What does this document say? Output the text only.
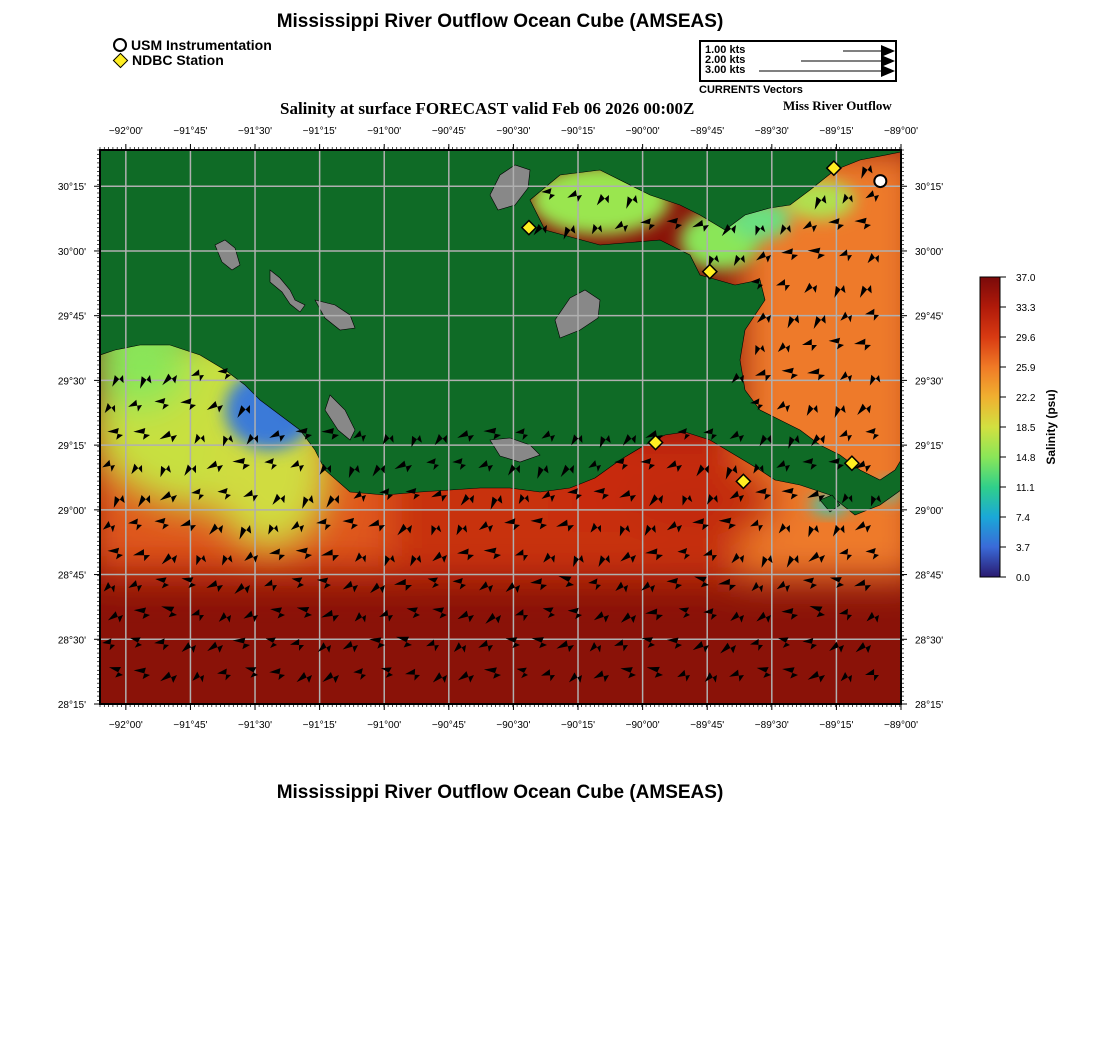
Mississippi River Outflow Ocean Cube (AMSEAS)
USM Instrumentation
NDBC Station
1.00 kts
2.00 kts
3.00 kts
CURRENTS Vectors
Salinity at surface FORECAST valid Feb 06 2026 00:00Z	Miss River Outflow
−92°00'
−92°00'
−91°45'
−91°45'
−91°30'
−91°30'
−91°15'
−91°15'
−91°00'
−91°00'
−90°45'
−90°45'
−90°30'
−90°30'
−90°15'
−90°15'
−90°00'
−90°00'
−89°45'
−89°45'
−89°30'
−89°30'
−89°15'
−89°15'
−89°00'
−89°00'
30°15'	30°15'
30°00'	30°00'
29°45'	29°45'
29°30'	29°30'
29°15'	29°15'
29°00'	29°00'
28°45'	28°45'
28°30'	28°30'
28°15'	28°15'
37.0
33.3
29.6
25.9
22.2
18.5
14.8
11.1
7.4
3.7
0.0
Salinity (psu)
Mississippi River Outflow Ocean Cube (AMSEAS)
